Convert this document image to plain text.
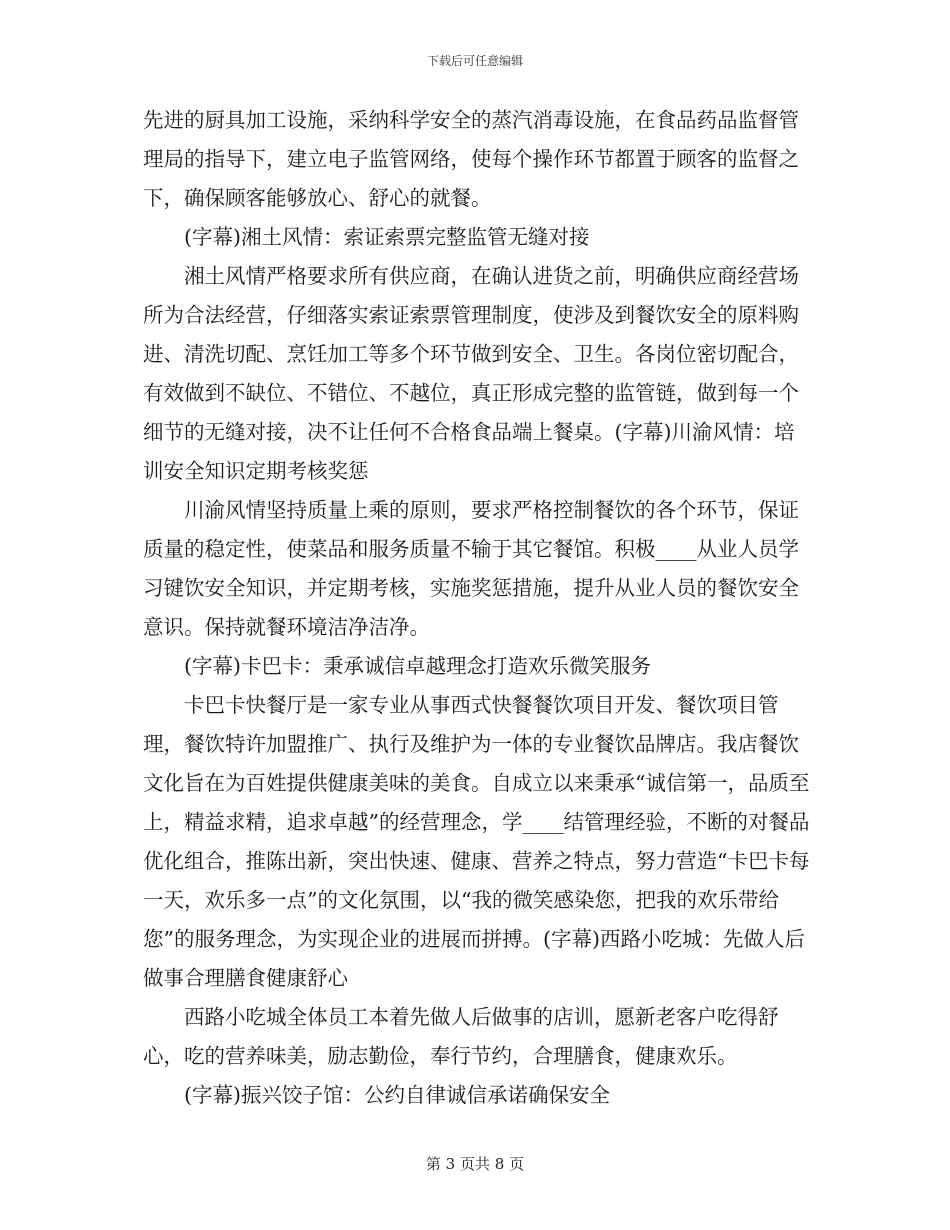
下载后可任意编辑

先进的厨具加工设施，采纳科学安全的蒸汽消毒设施，在食品药品监督管理局的指导下，建立电子监管网络，使每个操作环节都置于顾客的监督之下，确保顾客能够放心、舒心的就餐。

(字幕)湘土风情：索证索票完整监管无缝对接

湘土风情严格要求所有供应商，在确认进货之前，明确供应商经营场所为合法经营，仔细落实索证索票管理制度，使涉及到餐饮安全的原料购进、清洗切配、烹饪加工等多个环节做到安全、卫生。各岗位密切配合，有效做到不缺位、不错位、不越位，真正形成完整的监管链，做到每一个细节的无缝对接，决不让任何不合格食品端上餐桌。(字幕)川渝风情：培训安全知识定期考核奖惩

川渝风情坚持质量上乘的原则，要求严格控制餐饮的各个环节，保证质量的稳定性，使菜品和服务质量不输于其它餐馆。积极____从业人员学习键饮安全知识，并定期考核，实施奖惩措施，提升从业人员的餐饮安全意识。保持就餐环境洁净洁净。

(字幕)卡巴卡：秉承诚信卓越理念打造欢乐微笑服务

卡巴卡快餐厅是一家专业从事西式快餐餐饮项目开发、餐饮项目管理，餐饮特许加盟推广、执行及维护为一体的专业餐饮品牌店。我店餐饮文化旨在为百姓提供健康美味的美食。自成立以来秉承“诚信第一，品质至上，精益求精，追求卓越”的经营理念，学____结管理经验，不断的对餐品优化组合，推陈出新，突出快速、健康、营养之特点，努力营造“卡巴卡每一天，欢乐多一点”的文化氛围，以“我的微笑感染您，把我的欢乐带给您”的服务理念，为实现企业的进展而拼搏。(字幕)西路小吃城：先做人后做事合理膳食健康舒心

西路小吃城全体员工本着先做人后做事的店训，愿新老客户吃得舒心，吃的营养味美，励志勤俭，奉行节约，合理膳食，健康欢乐。

(字幕)振兴饺子馆：公约自律诚信承诺确保安全

第 3 页共 8 页
